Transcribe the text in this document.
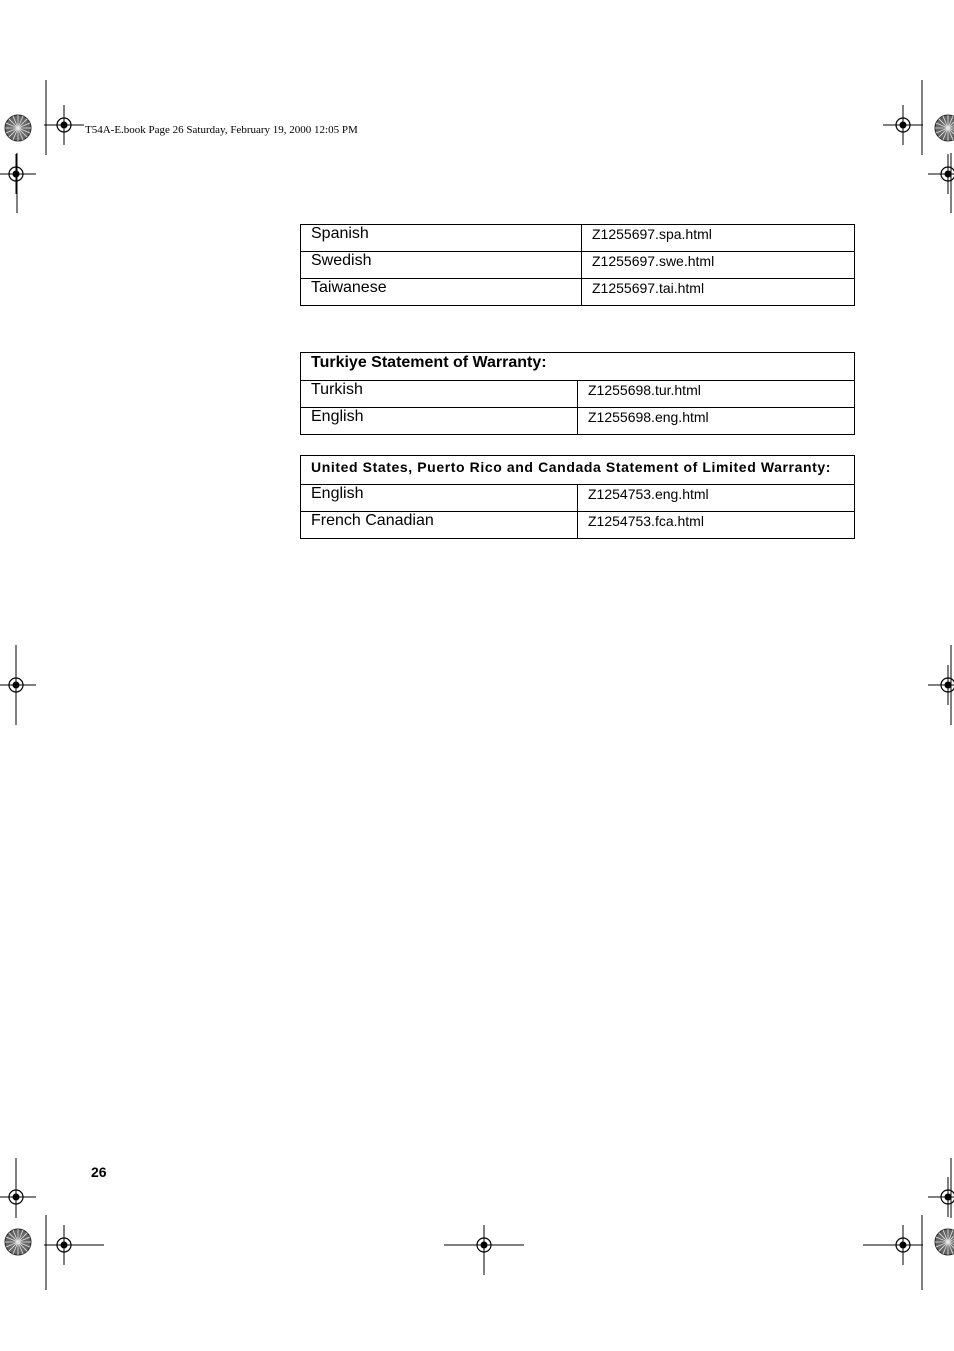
T54A-E.book Page 26 Saturday, February 19, 2000 12:05 PM
Spanish	Z1255697.spa.html
Swedish	Z1255697.swe.html
Taiwanese	Z1255697.tai.html
Turkiye Statement of Warranty:	
Turkish	Z1255698.tur.html
English	Z1255698.eng.html
United States, Puerto Rico and Candada Statement of Limited Warranty:	
English	Z1254753.eng.html
French Canadian	Z1254753.fca.html
26
